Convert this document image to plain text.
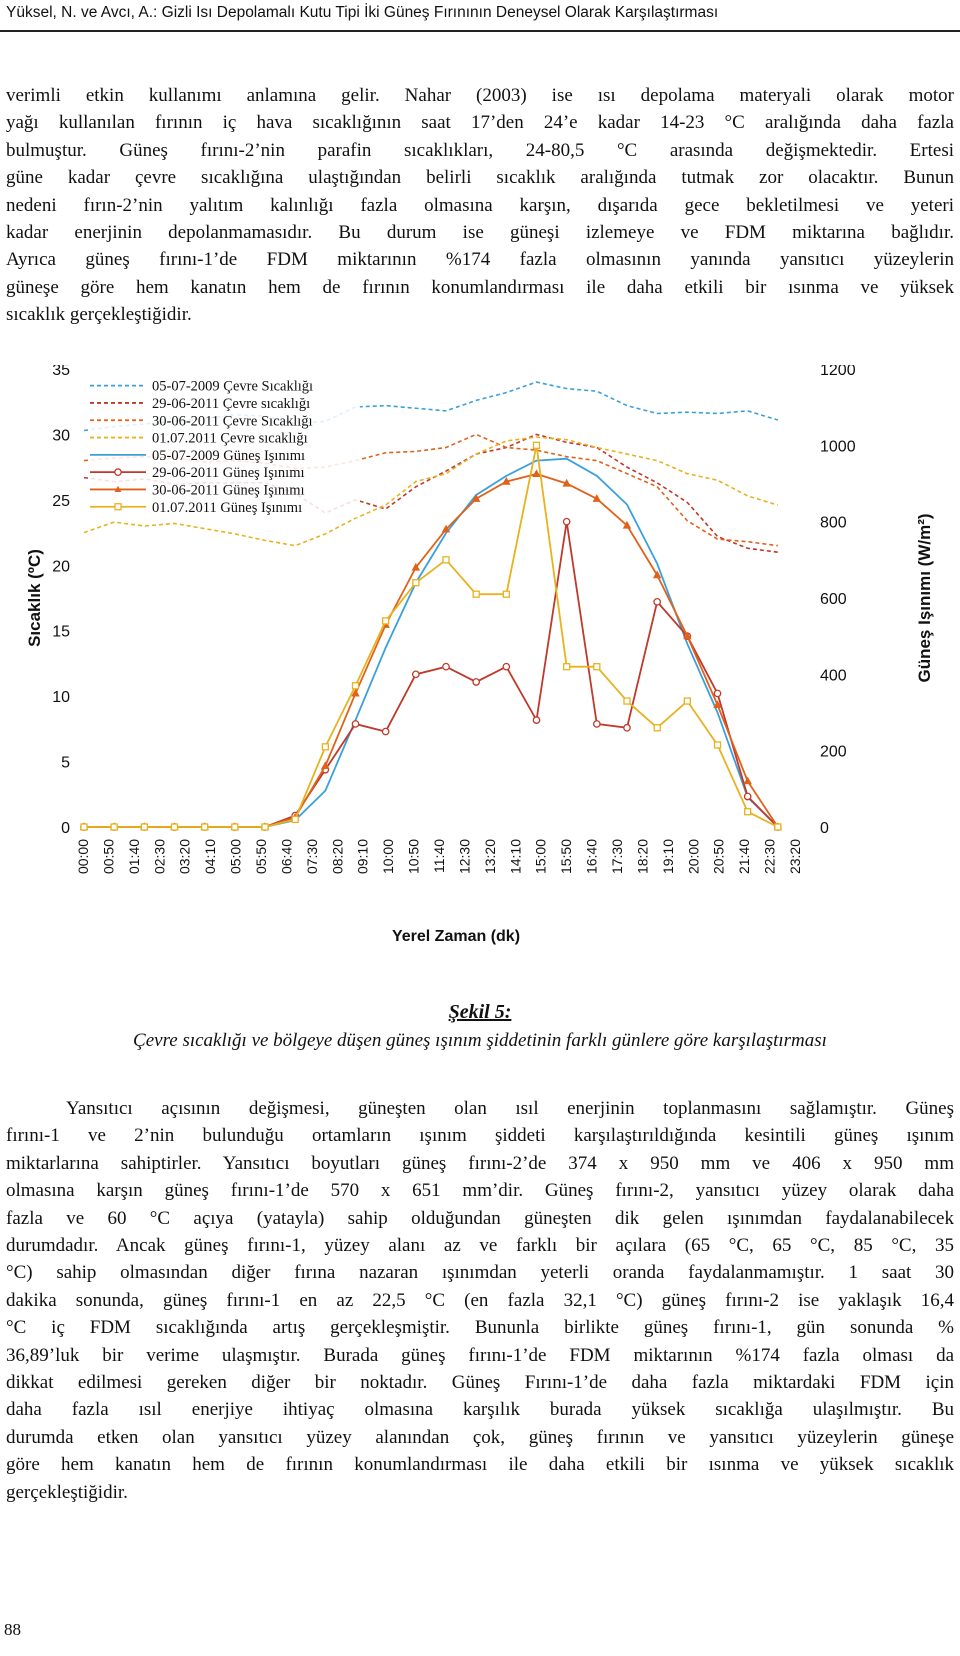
Yüksel, N. ve Avcı, A.: Gizli Isı Depolamalı Kutu Tipi İki Güneş Fırınının Deneysel Olarak Karşılaştırması
verimli etkin kullanımı anlamına gelir. Nahar (2003) ise ısı depolama materyali olarak motor
yağı kullanılan fırının iç hava sıcaklığının saat 17’den 24’e kadar 14-23 °C aralığında daha fazla
bulmuştur. Güneş fırını-2’nin parafin sıcaklıkları, 24-80,5 °C arasında değişmektedir. Ertesi
güne kadar çevre sıcaklığına ulaştığından belirli sıcaklık aralığında tutmak zor olacaktır. Bunun
nedeni fırın-2’nin yalıtım kalınlığı fazla olmasına karşın, dışarıda gece bekletilmesi ve yeteri
kadar enerjinin depolanmamasıdır. Bu durum ise güneşi izlemeye ve FDM miktarına bağlıdır.
Ayrıca güneş fırını-1’de FDM miktarının %174 fazla olmasının yanında yansıtıcı yüzeylerin
güneşe göre hem kanatın hem de fırının konumlandırması ile daha etkili bir ısınma ve yüksek
sıcaklık gerçekleştiğidir.
0
5
10
15
20
25
30
35
0
200
400
600
800
1000
1200
00:00 00:50 01:40 02:30 03:20 04:10 05:00 05:50 06:40 07:30 08:20 09:10 10:00 10:50 11:40 12:30 13:20 14:10 15:00 15:50 16:40 17:30 18:20 19:10 20:00 20:50 21:40 22:30 23:20
Yerel Zaman (dk)
Sıcaklık (ºC)	Güneş Işınımı (W/m²)
05-07-2009 Çevre Sıcaklığı
29-06-2011 Çevre sıcaklığı
30-06-2011 Çevre Sıcaklığı
01.07.2011 Çevre sıcaklığı
05-07-2009 Güneş Işınımı
29-06-2011 Güneş Işınımı
30-06-2011 Güneş Işınımı
01.07.2011 Güneş Işınımı
Şekil 5:
Çevre sıcaklığı ve bölgeye düşen güneş ışınım şiddetinin farklı günlere göre karşılaştırması
Yansıtıcı açısının değişmesi, güneşten olan ısıl enerjinin toplanmasını sağlamıştır. Güneş
fırını-1 ve 2’nin bulunduğu ortamların ışınım şiddeti karşılaştırıldığında kesintili güneş ışınım
miktarlarına sahiptirler. Yansıtıcı boyutları güneş fırını-2’de 374 x 950 mm ve 406 x 950 mm
olmasına karşın güneş fırını-1’de 570 x 651 mm’dir. Güneş fırını-2, yansıtıcı yüzey olarak daha
fazla ve 60 °C açıya (yatayla) sahip olduğundan güneşten dik gelen ışınımdan faydalanabilecek
durumdadır. Ancak güneş fırını-1, yüzey alanı az ve farklı bir açılara (65 °C, 65 °C, 85 °C, 35
°C) sahip olmasından diğer fırına nazaran ışınımdan yeterli oranda faydalanmamıştır. 1 saat 30
dakika sonunda, güneş fırını-1 en az 22,5 °C (en fazla 32,1 °C) güneş fırını-2 ise yaklaşık 16,4
°C iç FDM sıcaklığında artış gerçekleşmiştir. Bununla birlikte güneş fırını-1, gün sonunda %
36,89’luk bir verime ulaşmıştır. Burada güneş fırını-1’de FDM miktarının %174 fazla olması da
dikkat edilmesi gereken diğer bir noktadır. Güneş Fırını-1’de daha fazla miktardaki FDM için
daha fazla ısıl enerjiye ihtiyaç olmasına karşılık burada yüksek sıcaklığa ulaşılmıştır. Bu
durumda etken olan yansıtıcı yüzey alanından çok, güneş fırının ve yansıtıcı yüzeylerin güneşe
göre hem kanatın hem de fırının konumlandırması ile daha etkili bir ısınma ve yüksek sıcaklık
gerçekleştiğidir.
88
